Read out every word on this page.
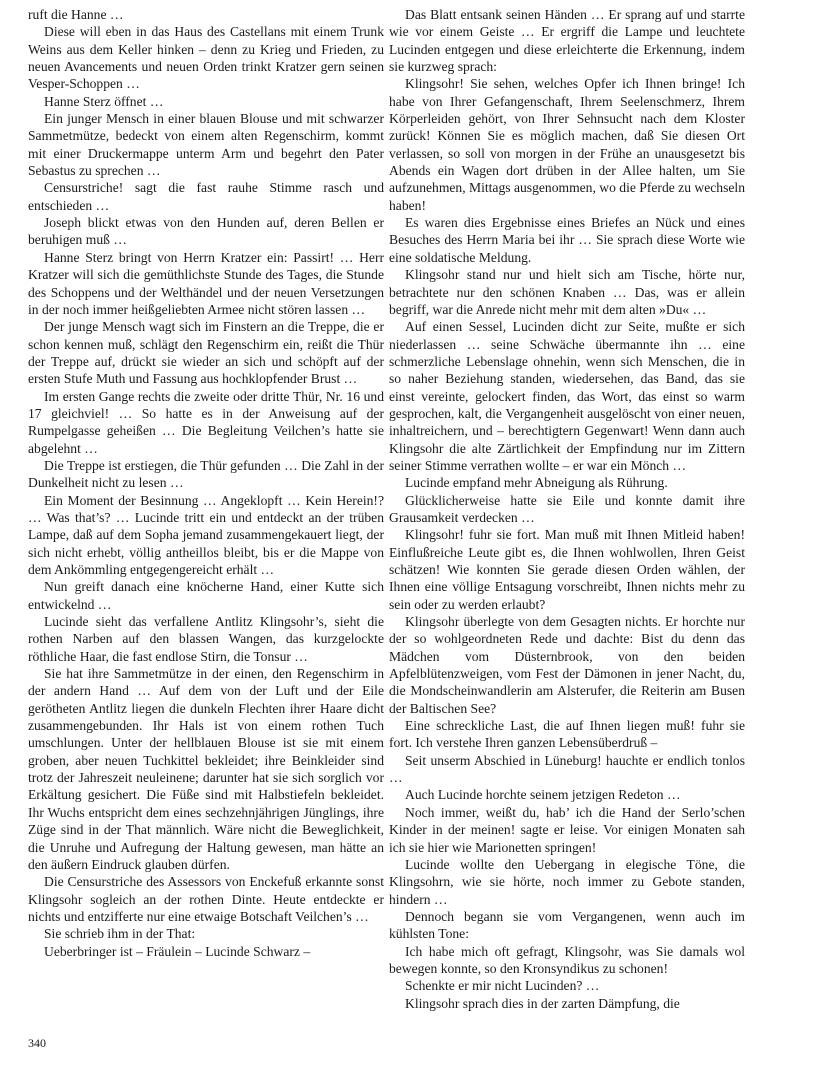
ruft die Hanne …

Diese will eben in das Haus des Castellans mit einem Trunk Weins aus dem Keller hinken – denn zu Krieg und Frieden, zu neuen Avancements und neuen Orden trinkt Kratzer gern seinen Vesper-Schoppen …

Hanne Sterz öffnet …

Ein junger Mensch in einer blauen Blouse und mit schwarzer Sammetmütze, bedeckt von einem alten Regenschirm, kommt mit einer Druckermappe unterm Arm und begehrt den Pater Sebastus zu sprechen …

Censurstriche! sagt die fast rauhe Stimme rasch und entschieden …

Joseph blickt etwas von den Hunden auf, deren Bellen er beruhigen muß …

Hanne Sterz bringt von Herrn Kratzer ein: Passirt! … Herr Kratzer will sich die gemüthlichste Stunde des Tages, die Stunde des Schoppens und der Welthändel und der neuen Versetzungen in der noch immer heißgeliebten Armee nicht stören lassen …

Der junge Mensch wagt sich im Finstern an die Treppe, die er schon kennen muß, schlägt den Regenschirm ein, reißt die Thür der Treppe auf, drückt sie wieder an sich und schöpft auf der ersten Stufe Muth und Fassung aus hochklopfender Brust …

Im ersten Gange rechts die zweite oder dritte Thür, Nr. 16 und 17 gleichviel! … So hatte es in der Anweisung auf der Rumpelgasse geheißen … Die Begleitung Veilchen’s hatte sie abgelehnt …

Die Treppe ist erstiegen, die Thür gefunden … Die Zahl in der Dunkelheit nicht zu lesen …

Ein Moment der Besinnung … Angeklopft … Kein Herein!? … Was that’s? … Lucinde tritt ein und entdeckt an der trüben Lampe, daß auf dem Sopha jemand zusammengekauert liegt, der sich nicht erhebt, völlig antheillos bleibt, bis er die Mappe von dem Ankömmling entgegengereicht erhält …

Nun greift danach eine knöcherne Hand, einer Kutte sich entwickelnd …

Lucinde sieht das verfallene Antlitz Klingsohr’s, sieht die rothen Narben auf den blassen Wangen, das kurzgelockte röthliche Haar, die fast endlose Stirn, die Tonsur …

Sie hat ihre Sammetmütze in der einen, den Regenschirm in der andern Hand … Auf dem von der Luft und der Eile gerötheten Antlitz liegen die dunkeln Flechten ihrer Haare dicht zusammengebunden. Ihr Hals ist von einem rothen Tuch umschlungen. Unter der hellblauen Blouse ist sie mit einem groben, aber neuen Tuchkittel bekleidet; ihre Beinkleider sind trotz der Jahreszeit neuleinene; darunter hat sie sich sorglich vor Erkältung gesichert. Die Füße sind mit Halbstiefeln bekleidet. Ihr Wuchs entspricht dem eines sechzehnjährigen Jünglings, ihre Züge sind in der That männlich. Wäre nicht die Beweglichkeit, die Unruhe und Aufregung der Haltung gewesen, man hätte an den äußern Eindruck glauben dürfen.

Die Censurstriche des Assessors von Enckefuß erkannte sonst Klingsohr sogleich an der rothen Dinte. Heute entdeckte er nichts und entzifferte nur eine etwaige Botschaft Veilchen’s …

Sie schrieb ihm in der That:

Ueberbringer ist – Fräulein – Lucinde Schwarz –

Das Blatt entsank seinen Händen … Er sprang auf und starrte wie vor einem Geiste … Er ergriff die Lampe und leuchtete Lucinden entgegen und diese erleichterte die Erkennung, indem sie kurzweg sprach:

Klingsohr! Sie sehen, welches Opfer ich Ihnen bringe! Ich habe von Ihrer Gefangenschaft, Ihrem Seelenschmerz, Ihrem Körperleiden gehört, von Ihrer Sehnsucht nach dem Kloster zurück! Können Sie es möglich machen, daß Sie diesen Ort verlassen, so soll von morgen in der Frühe an unausgesetzt bis Abends ein Wagen dort drüben in der Allee halten, um Sie aufzunehmen, Mittags ausgenommen, wo die Pferde zu wechseln haben!

Es waren dies Ergebnisse eines Briefes an Nück und eines Besuches des Herrn Maria bei ihr … Sie sprach diese Worte wie eine soldatische Meldung.

Klingsohr stand nur und hielt sich am Tische, hörte nur, betrachtete nur den schönen Knaben … Das, was er allein begriff, war die Anrede nicht mehr mit dem alten »Du« …

Auf einen Sessel, Lucinden dicht zur Seite, mußte er sich niederlassen … seine Schwäche übermannte ihn … eine schmerzliche Lebenslage ohnehin, wenn sich Menschen, die in so naher Beziehung standen, wiedersehen, das Band, das sie einst vereinte, gelockert finden, das Wort, das einst so warm gesprochen, kalt, die Vergangenheit ausgelöscht von einer neuen, inhaltreichern, und – berechtigtern Gegenwart! Wenn dann auch Klingsohr die alte Zärtlichkeit der Empfindung nur im Zittern seiner Stimme verrathen wollte – er war ein Mönch …

Lucinde empfand mehr Abneigung als Rührung.

Glücklicherweise hatte sie Eile und konnte damit ihre Grausamkeit verdecken …

Klingsohr! fuhr sie fort. Man muß mit Ihnen Mitleid haben! Einflußreiche Leute gibt es, die Ihnen wohlwollen, Ihren Geist schätzen! Wie konnten Sie gerade diesen Orden wählen, der Ihnen eine völlige Entsagung vorschreibt, Ihnen nichts mehr zu sein oder zu werden erlaubt?

Klingsohr überlegte von dem Gesagten nichts. Er horchte nur der so wohlgeordneten Rede und dachte: Bist du denn das Mädchen vom Düsternbrook, von den beiden Apfelblütenzweigen, vom Fest der Dämonen in jener Nacht, du, die Mondscheinwandlerin am Alsterufer, die Reiterin am Busen der Baltischen See?

Eine schreckliche Last, die auf Ihnen liegen muß! fuhr sie fort. Ich verstehe Ihren ganzen Lebensüberdruß –

Seit unserm Abschied in Lüneburg! hauchte er endlich tonlos …

Auch Lucinde horchte seinem jetzigen Redeton …

Noch immer, weißt du, hab’ ich die Hand der Serlo’schen Kinder in der meinen! sagte er leise. Vor einigen Monaten sah ich sie hier wie Marionetten springen!

Lucinde wollte den Uebergang in elegische Töne, die Klingsohrn, wie sie hörte, noch immer zu Gebote standen, hindern …

Dennoch begann sie vom Vergangenen, wenn auch im kühlsten Tone:

Ich habe mich oft gefragt, Klingsohr, was Sie damals wol bewegen konnte, so den Kronsyndikus zu schonen!

Schenkte er mir nicht Lucinden? …

Klingsohr sprach dies in der zarten Dämpfung, die

340
